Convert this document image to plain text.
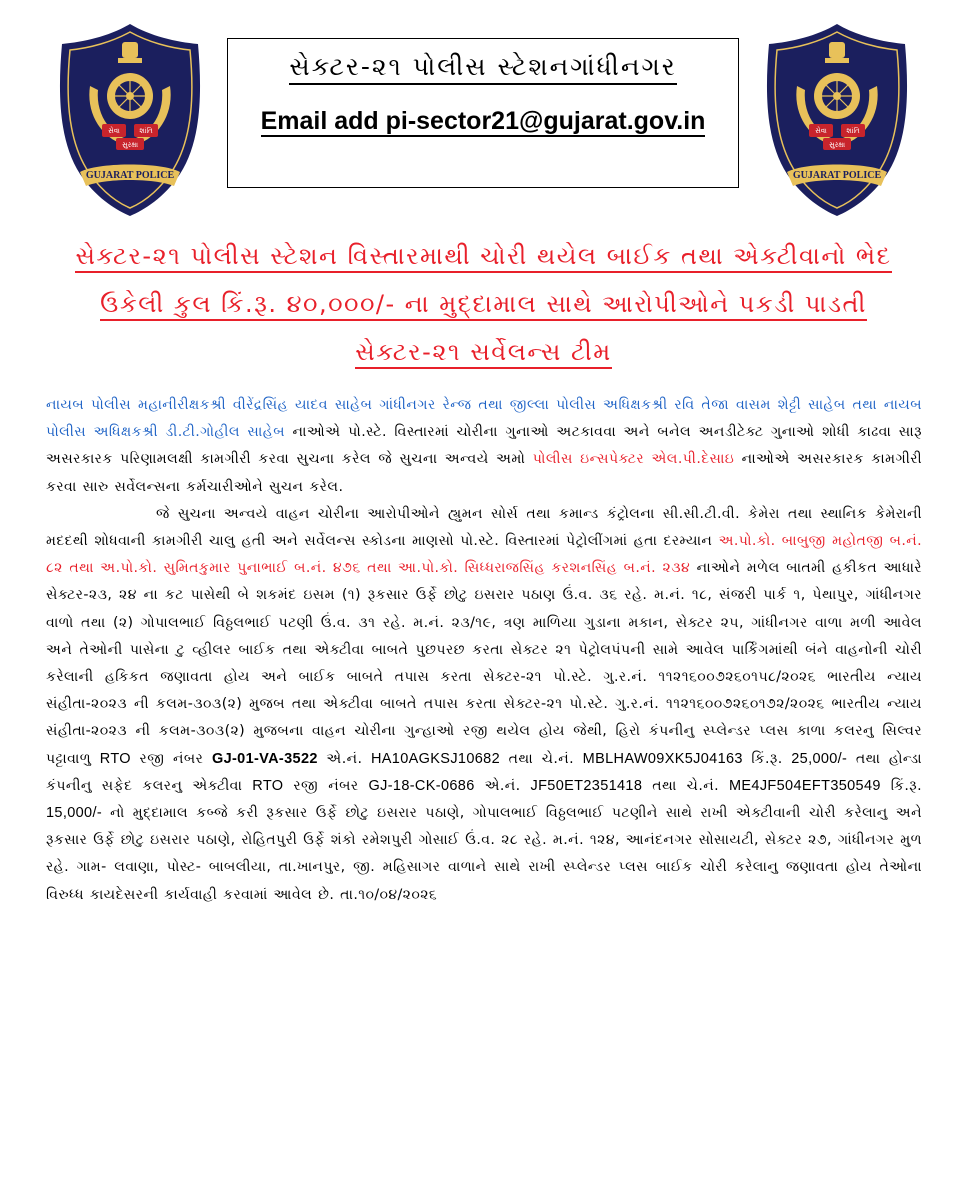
સેવા	શાંતિ
સુરક્ષા
GUJARAT POLICE
સેક્ટર-૨૧ પોલીસ સ્ટેશનગાંધીનગર
Email add pi-sector21@gujarat.gov.in	સેવા	શાંતિ
સુરક્ષા
GUJARAT POLICE
સેક્ટર-૨૧ પોલીસ સ્ટેશન વિસ્તારમાથી ચોરી થયેલ બાઈક તથા એક્ટીવાનો ભેદ
ઉકેલી કુલ કિં.રૂ. ૪૦,૦૦૦/- ના મુદ્દામાલ સાથે આરોપીઓને પકડી પાડતી
સેક્ટર-૨૧ સર્વેલન્સ ટીમ

નાયબ પોલીસ મહાનીરીક્ષકશ્રી વીરેંદ્રસિંહ યાદવ સાહેબ ગાંધીનગર રેન્જ તથા જીલ્લા પોલીસ અધિક્ષકશ્રી રવિ તેજા વાસમ શેટ્ટી સાહેબ તથા નાયબ પોલીસ અધિક્ષકશ્રી ડી.ટી.ગોહીલ સાહેબ નાઓએ પો.સ્ટે. વિસ્તારમાં ચોરીના ગુનાઓ અટકાવવા અને બનેલ અનડીટેક્ટ ગુનાઓ શોધી કાઢવા સારૂ અસરકારક પરિણામલક્ષી કામગીરી કરવા સુચના કરેલ જે સુચના અન્વયે અમો પોલીસ ઇન્સપેક્ટર એલ.પી.દેસાઇ નાઓએ અસરકારક કામગીરી કરવા સારુ સર્વેલન્સના કર્મચારીઓને સુચન કરેલ.

જે સુચના અન્વયે વાહન ચોરીના આરોપીઓને હ્યુમન સોર્સ તથા કમાન્ડ કંટ્રોલના સી.સી.ટી.વી. કેમેરા તથા સ્થાનિક કેમેરાની મદદથી શોધવાની કામગીરી ચાલુ હતી અને સર્વેલન્સ સ્કોડના માણસો પો.સ્ટે. વિસ્તારમાં પેટ્રોલીંગમાં હતા દરમ્યાન અ.પો.કો. બાબુજી મહોતજી બ.નં. ૮૨ તથા અ.પો.કો. સુમિતકુમાર પુનાભાઈ બ.નં. ૪૭૬ તથા આ.પો.કો. સિધ્ધરાજસિંહ કરશનસિંહ બ.નં. ૨૩૪ નાઓને મળેલ બાતમી હકીકત આધારે સેક્ટર-૨૩, ૨૪ ના કટ પાસેથી બે શકમંદ ઇસમ (૧) રૂકસાર ઉર્ફે છોટુ ઇસરાર પઠાણ ઉં.વ. ૩૬ રહે. મ.નં. ૧૮, સંજરી પાર્ક ૧, પેથાપુર, ગાંધીનગર વાળો તથા (૨) ગોપાલભાઈ વિઠ્ઠલભાઈ પટણી ઉં.વ. ૩૧ રહે. મ.નં. ૨૩/૧૯, ત્રણ માળિયા ગુડાના મકાન, સેક્ટર ૨૫, ગાંધીનગર વાળા મળી આવેલ અને તેઓની પાસેના ટુ વ્હીલર બાઈક તથા એક્ટીવા બાબતે પુછપરછ કરતા સેક્ટર ૨૧ પેટ્રોલપંપની સામે આવેલ પાર્કિંગમાંથી બંને વાહનોની ચોરી કરેલાની હકિકત જણાવતા હોય અને બાઈક બાબતે તપાસ કરતા સેક્ટર-૨૧ પો.સ્ટે. ગુ.ર.નં. ૧૧૨૧૬૦૦૭૨૬૦૧૫૮/૨૦૨૬ ભારતીય ન્યાય સંહીતા-૨૦૨૩ ની કલમ-૩૦૩(૨) મુજબ તથા એક્ટીવા બાબતે તપાસ કરતા સેક્ટર-૨૧ પો.સ્ટે. ગુ.ર.નં. ૧૧૨૧૬૦૦૭૨૬૦૧૭૨/૨૦૨૬ ભારતીય ન્યાય સંહીતા-૨૦૨૩ ની કલમ-૩૦૩(૨) મુજબના વાહન ચોરીના ગુન્હાઓ રજી થયેલ હોય જેથી, હિરો કંપનીનુ સ્પ્લેન્ડર પ્લસ કાળા કલરનુ સિલ્વર પટ્ટાવાળુ RTO રજી નંબર GJ-01-VA-3522 એ.નં. HA10AGKSJ10682 તથા ચે.નં. MBLHAW09XK5J04163 કિં.રૂ. 25,000/- તથા હોન્ડા કંપનીનુ સફેદ કલરનુ એક્ટીવા RTO રજી નંબર GJ-18-CK-0686 એ.નં. JF50ET2351418 તથા ચે.નં. ME4JF504EFT350549 કિં.રૂ. 15,000/- નો મુદ્દામાલ કબ્જે કરી રૂકસાર ઉર્ફે છોટુ ઇસરાર પઠાણે, ગોપાલભાઈ વિઠ્ઠલભાઈ પટણીને સાથે રાખી એક્ટીવાની ચોરી કરેલાનુ અને રૂકસાર ઉર્ફે છોટુ ઇસરાર પઠાણે, રોહિતપુરી ઉર્ફે શંકો રમેશપુરી ગોસાઈ ઉં.વ. ૨૮ રહે. મ.નં. ૧૨૪, આનંદનગર સોસાયટી, સેક્ટર ૨૭, ગાંધીનગર મુળ રહે. ગામ- લવાણા, પોસ્ટ- બાબલીયા, તા.ખાનપુર, જી. મહિસાગર વાળાને સાથે રાખી સ્પ્લેન્ડર પ્લસ બાઈક ચોરી કરેલાનુ જણાવતા હોય તેઓના વિરુધ્ધ કાયદેસરની કાર્યવાહી કરવામાં આવેલ છે. તા.૧૦/૦૪/૨૦૨૬
